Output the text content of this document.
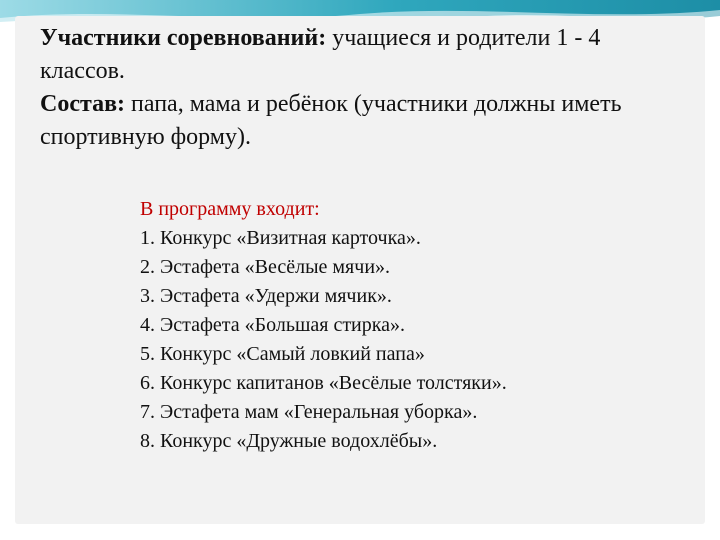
Участники соревнований: учащиеся и родители 1 - 4 классов.

Состав: папа, мама и ребёнок (участники должны иметь спортивную форму).

В программу входит:
1. Конкурс «Визитная карточка».
2. Эстафета «Весёлые мячи».
3. Эстафета «Удержи мячик».
4. Эстафета «Большая стирка».
5. Конкурс «Самый ловкий папа»
6. Конкурс капитанов «Весёлые толстяки».
7. Эстафета мам «Генеральная уборка».
8. Конкурс «Дружные водохлёбы».
